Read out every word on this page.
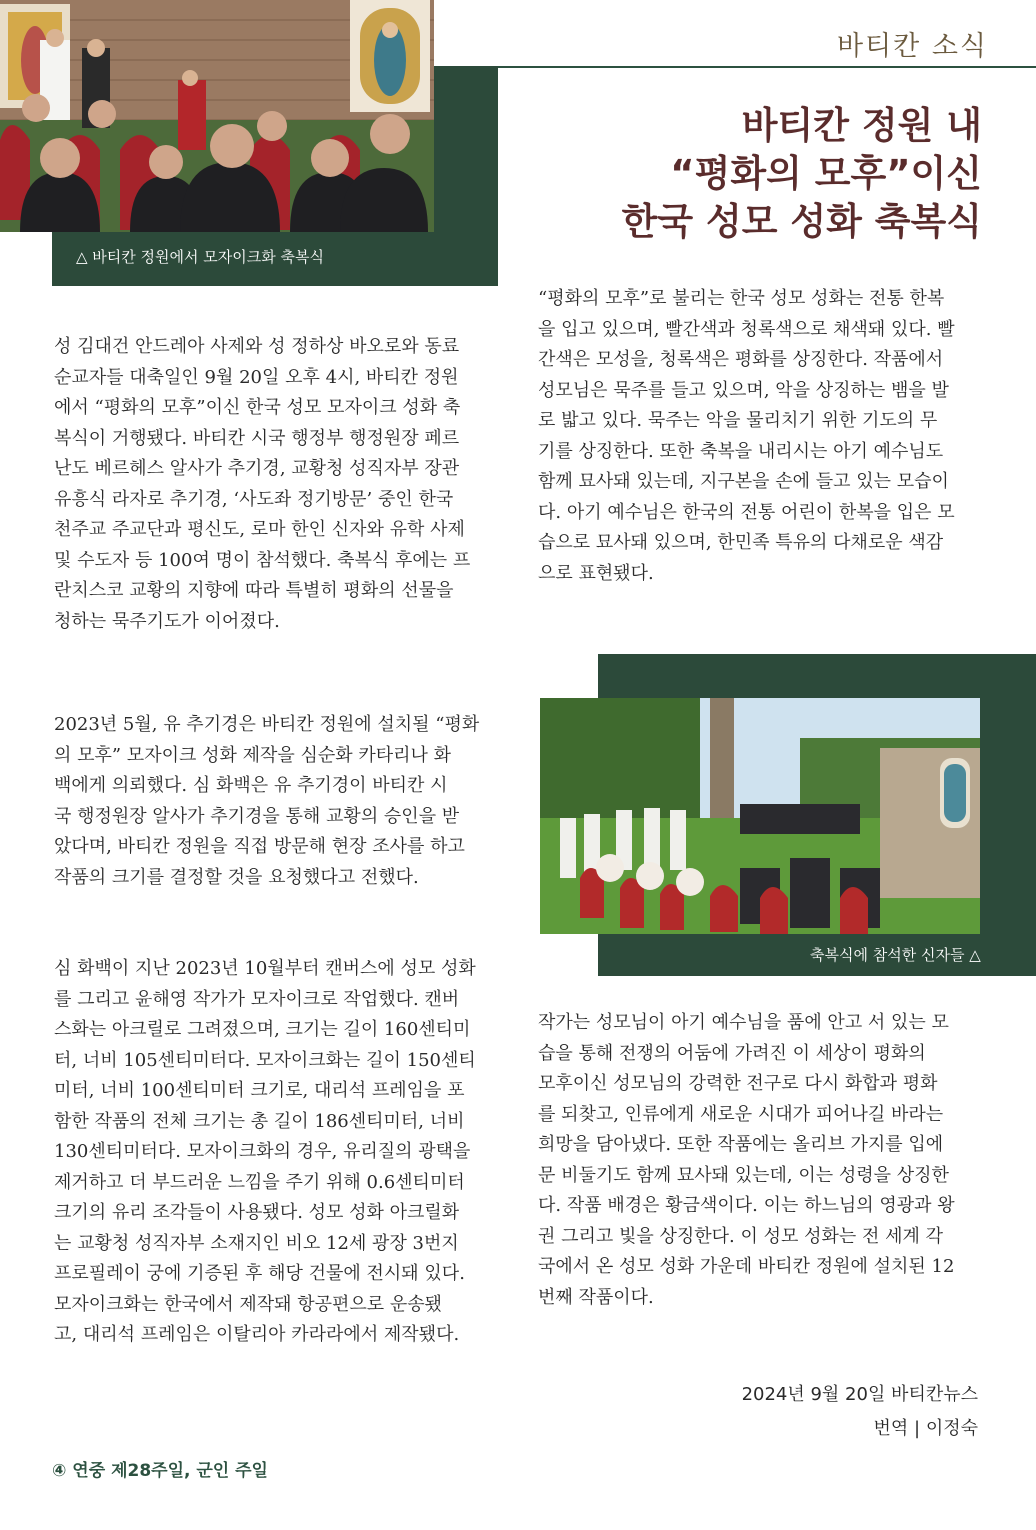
바티칸 소식
△ 바티칸 정원에서 모자이크화 축복식
바티칸 정원 내
“평화의 모후”이신
한국 성모 성화 축복식
성 김대건 안드레아 사제와 성 정하상 바오로와 동료
순교자들 대축일인 9월 20일 오후 4시, 바티칸 정원
에서 “평화의 모후”이신 한국 성모 모자이크 성화 축
복식이 거행됐다. 바티칸 시국 행정부 행정원장 페르
난도 베르헤스 알사가 추기경, 교황청 성직자부 장관
유흥식 라자로 추기경, ‘사도좌 정기방문’ 중인 한국
천주교 주교단과 평신도, 로마 한인 신자와 유학 사제
및 수도자 등 100여 명이 참석했다. 축복식 후에는 프
란치스코 교황의 지향에 따라 특별히 평화의 선물을
청하는 묵주기도가 이어졌다.
2023년 5월, 유 추기경은 바티칸 정원에 설치될 “평화
의 모후” 모자이크 성화 제작을 심순화 카타리나 화
백에게 의뢰했다. 심 화백은 유 추기경이 바티칸 시
국 행정원장 알사가 추기경을 통해 교황의 승인을 받
았다며, 바티칸 정원을 직접 방문해 현장 조사를 하고
작품의 크기를 결정할 것을 요청했다고 전했다.
심 화백이 지난 2023년 10월부터 캔버스에 성모 성화
를 그리고 윤해영 작가가 모자이크로 작업했다. 캔버
스화는 아크릴로 그려졌으며, 크기는 길이 160센티미
터, 너비 105센티미터다. 모자이크화는 길이 150센티
미터, 너비 100센티미터 크기로, 대리석 프레임을 포
함한 작품의 전체 크기는 총 길이 186센티미터, 너비
130센티미터다. 모자이크화의 경우, 유리질의 광택을
제거하고 더 부드러운 느낌을 주기 위해 0.6센티미터
크기의 유리 조각들이 사용됐다. 성모 성화 아크릴화
는 교황청 성직자부 소재지인 비오 12세 광장 3번지
프로필레이 궁에 기증된 후 해당 건물에 전시돼 있다.
모자이크화는 한국에서 제작돼 항공편으로 운송됐
고, 대리석 프레임은 이탈리아 카라라에서 제작됐다.
“평화의 모후”로 불리는 한국 성모 성화는 전통 한복
을 입고 있으며, 빨간색과 청록색으로 채색돼 있다. 빨
간색은 모성을, 청록색은 평화를 상징한다. 작품에서
성모님은 묵주를 들고 있으며, 악을 상징하는 뱀을 발
로 밟고 있다. 묵주는 악을 물리치기 위한 기도의 무
기를 상징한다. 또한 축복을 내리시는 아기 예수님도
함께 묘사돼 있는데, 지구본을 손에 들고 있는 모습이
다. 아기 예수님은 한국의 전통 어린이 한복을 입은 모
습으로 묘사돼 있으며, 한민족 특유의 다채로운 색감
으로 표현됐다.
축복식에 참석한 신자들 △
작가는 성모님이 아기 예수님을 품에 안고 서 있는 모
습을 통해 전쟁의 어둠에 가려진 이 세상이 평화의
모후이신 성모님의 강력한 전구로 다시 화합과 평화
를 되찾고, 인류에게 새로운 시대가 피어나길 바라는
희망을 담아냈다. 또한 작품에는 올리브 가지를 입에
문 비둘기도 함께 묘사돼 있는데, 이는 성령을 상징한
다. 작품 배경은 황금색이다. 이는 하느님의 영광과 왕
권 그리고 빛을 상징한다. 이 성모 성화는 전 세계 각
국에서 온 성모 성화 가운데 바티칸 정원에 설치된 12
번째 작품이다.
2024년 9월 20일 바티칸뉴스
번역 | 이정숙
④ 연중 제28주일, 군인 주일
